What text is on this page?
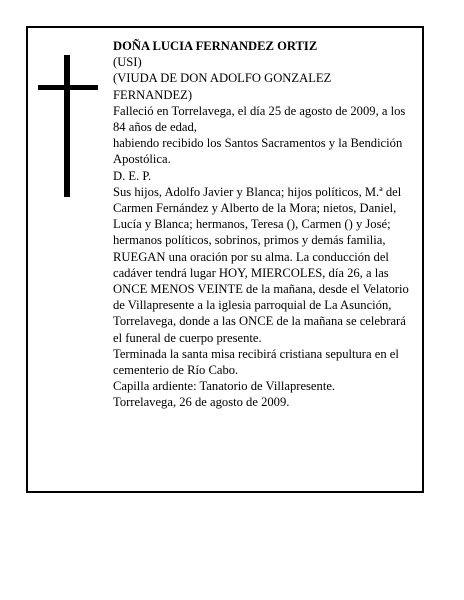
DOÑA LUCIA FERNANDEZ ORTIZ

(USI)

(VIUDA DE DON ADOLFO GONZALEZ FERNANDEZ)

Falleció en Torrelavega, el día 25 de agosto de 2009, a los 84 años de edad,

habiendo recibido los Santos Sacramentos y la Bendición Apostólica.

D. E. P.

Sus hijos, Adolfo Javier y Blanca; hijos políticos, M.ª del Carmen Fernández y Alberto de la Mora; nietos, Daniel, Lucía y Blanca; hermanos, Teresa (), Carmen () y José; hermanos políticos, sobrinos, primos y demás familia,

RUEGAN una oración por su alma. La conducción del cadáver tendrá lugar HOY, MIERCOLES, día 26, a las ONCE MENOS VEINTE de la mañana, desde el Velatorio de Villapresente a la iglesia parroquial de La Asunción, Torrelavega, donde a las ONCE de la mañana se celebrará el funeral de cuerpo presente.

Terminada la santa misa recibirá cristiana sepultura en el cementerio de Río Cabo.

Capilla ardiente: Tanatorio de Villapresente.

Torrelavega, 26 de agosto de 2009.
